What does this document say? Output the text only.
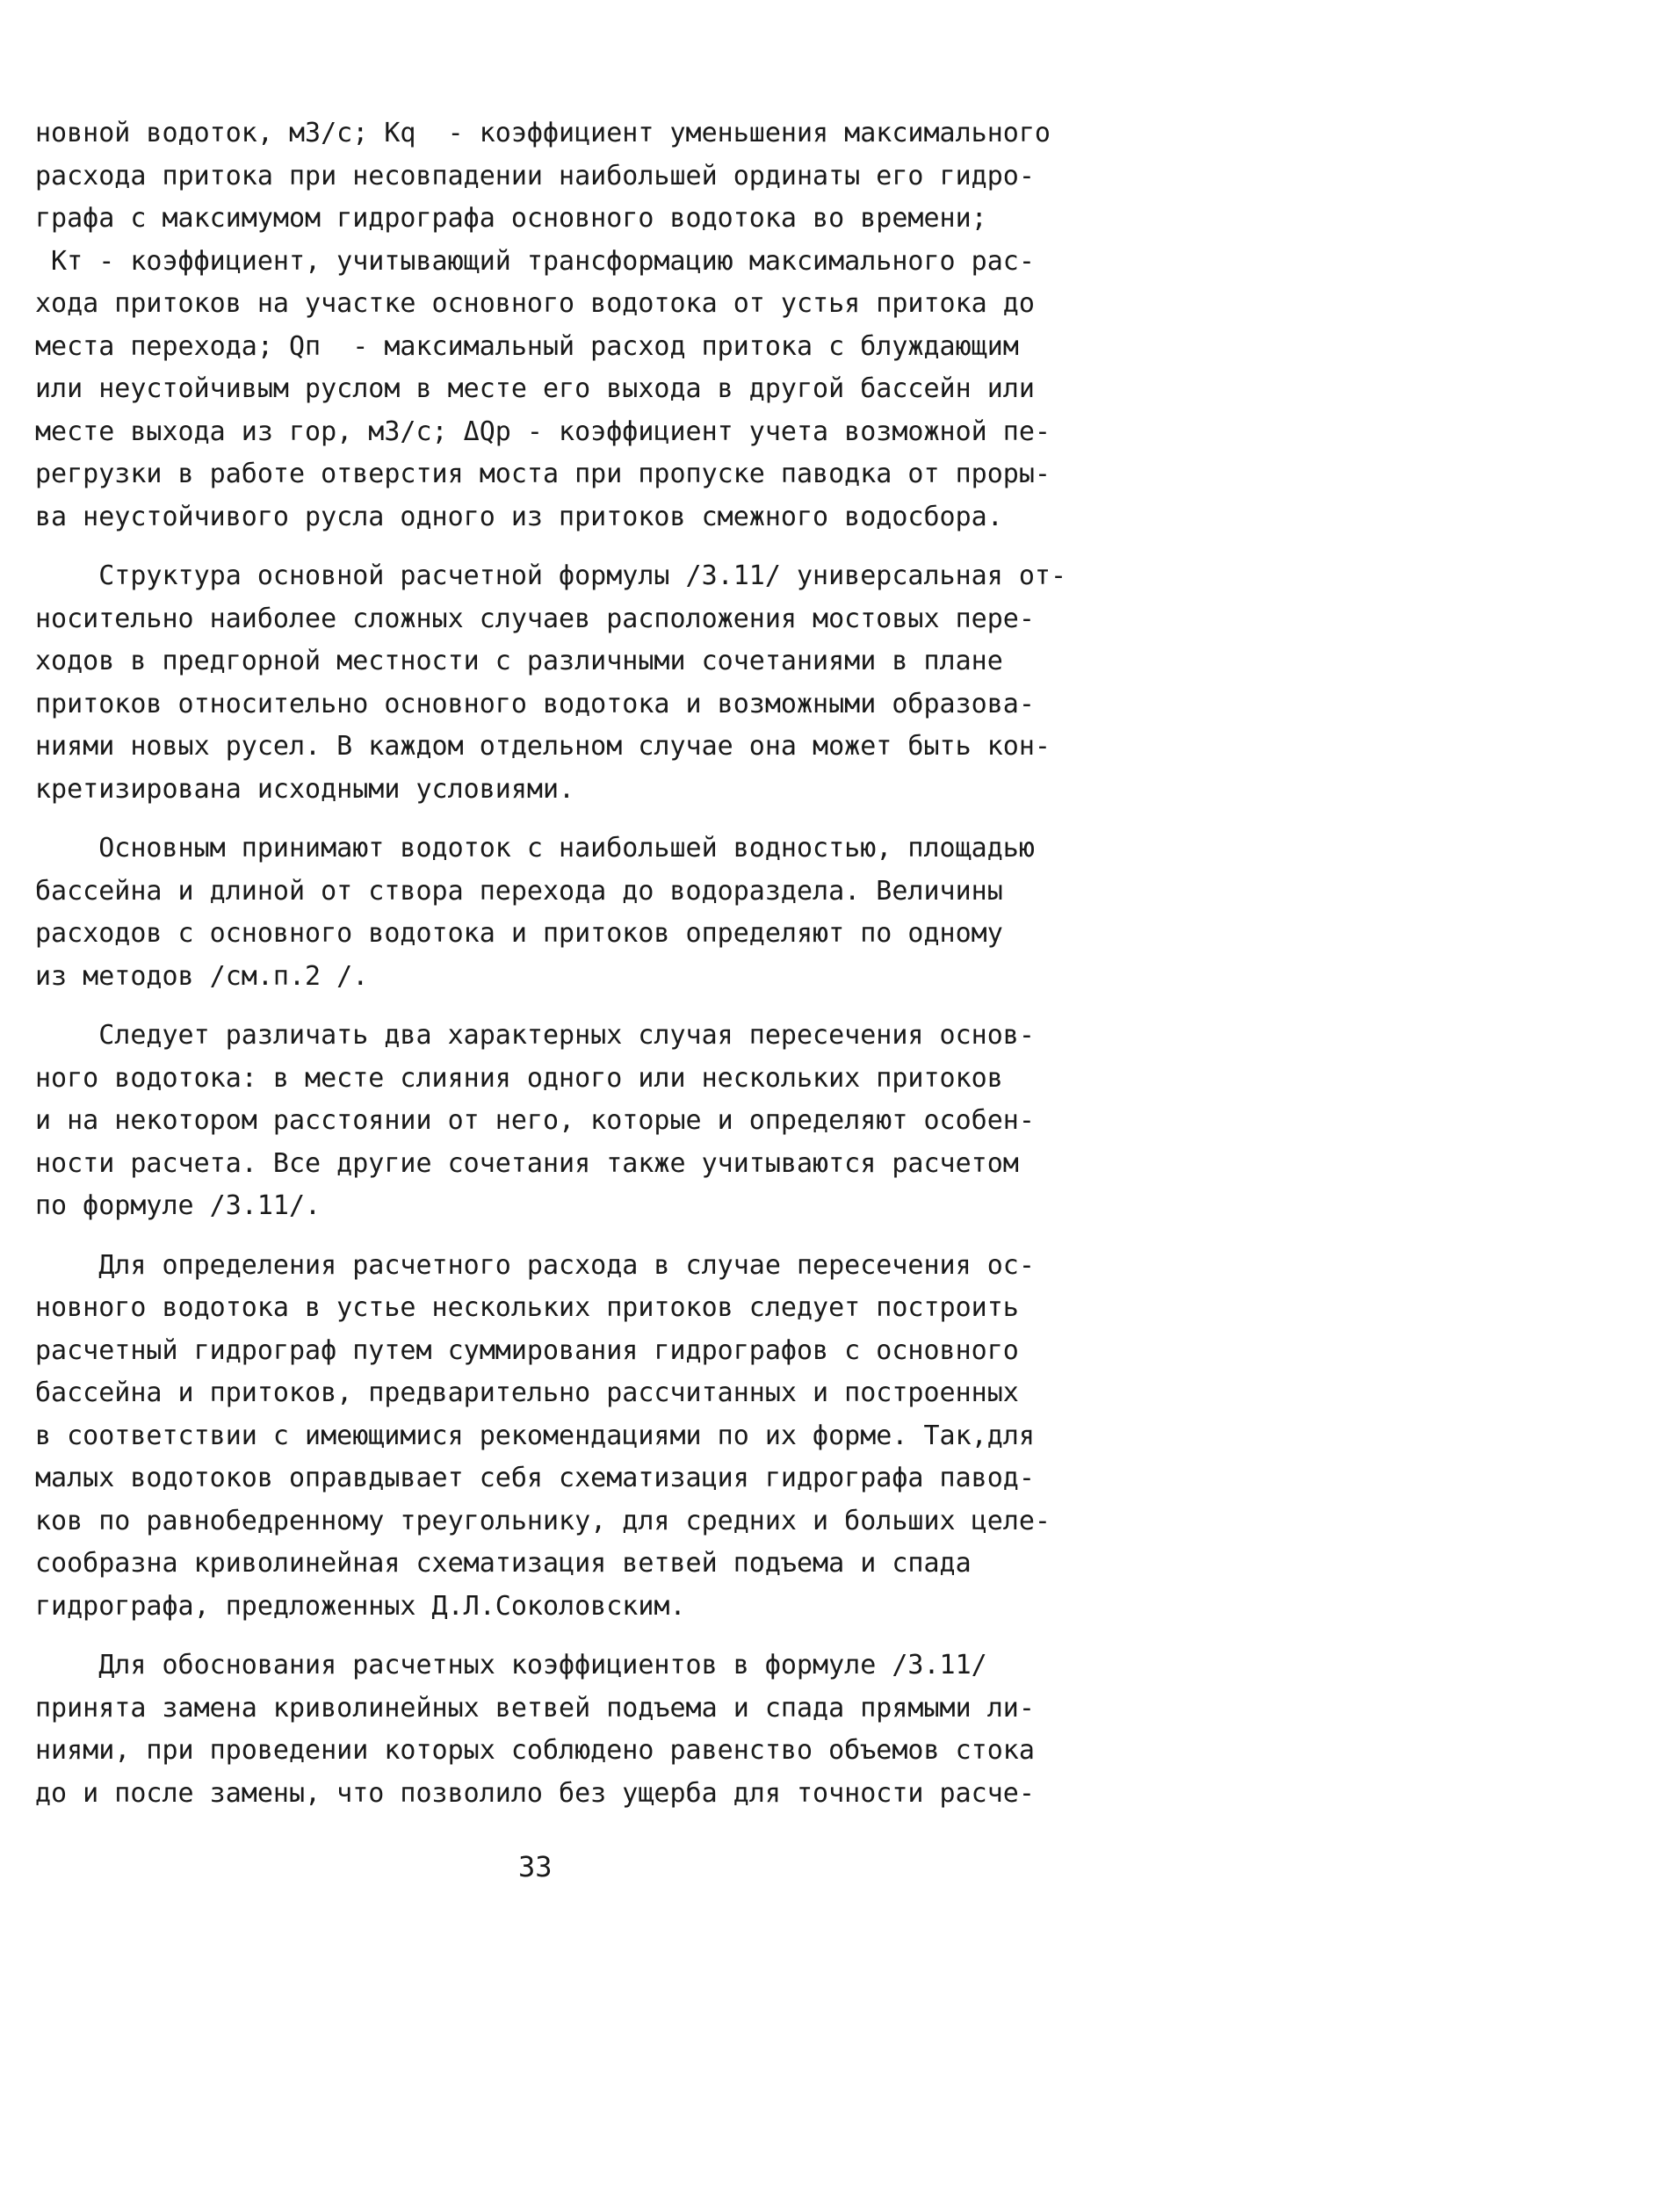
новной водоток, м3/с; Kq  - коэффициент уменьшения максимального
расхода притока при несовпадении наибольшей ординаты его гидро-
графа с максимумом гидрографа основного водотока во времени;
Kт - коэффициент, учитывающий трансформацию максимального рас-
хода притоков на участке основного водотока от устья притока до
места перехода; Qп  - максимальный расход притока с блуждающим
или неустойчивым руслом в месте его выхода в другой бассейн или
месте выхода из гор, м3/с; ΔQр - коэффициент учета возможной пе-
регрузки в работе отверстия моста при пропуске паводка от проры-
ва неустойчивого русла одного из притоков смежного водосбора.
Структура основной расчетной формулы /3.11/ универсальная от-
носительно наиболее сложных случаев расположения мостовых пере-
ходов в предгорной местности с различными сочетаниями в плане
притоков относительно основного водотока и возможными образова-
ниями новых русел. В каждом отдельном случае она может быть кон-
кретизирована исходными условиями.
Основным принимают водоток с наибольшей водностью, площадью
бассейна и длиной от створа перехода до водораздела. Величины
расходов с основного водотока и притоков определяют по одному
из методов /см.п.2 /.
Следует различать два характерных случая пересечения основ-
ного водотока: в месте слияния одного или нескольких притоков
и на некотором расстоянии от него, которые и определяют особен-
ности расчета. Все другие сочетания также учитываются расчетом
по формуле /3.11/.
Для определения расчетного расхода в случае пересечения ос-
новного водотока в устье нескольких притоков следует построить
расчетный гидрограф путем суммирования гидрографов с основного
бассейна и притоков, предварительно рассчитанных и построенных
в соответствии с имеющимися рекомендациями по их форме. Так,для
малых водотоков оправдывает себя схематизация гидрографа павод-
ков по равнобедренному треугольнику, для средних и больших целе-
сообразна криволинейная схематизация ветвей подъема и спада
гидрографа, предложенных Д.Л.Соколовским.
Для обоснования расчетных коэффициентов в формуле /3.11/
принята замена криволинейных ветвей подъема и спада прямыми ли-
ниями, при проведении которых соблюдено равенство объемов стока
до и после замены, что позволило без ущерба для точности расче-
33
